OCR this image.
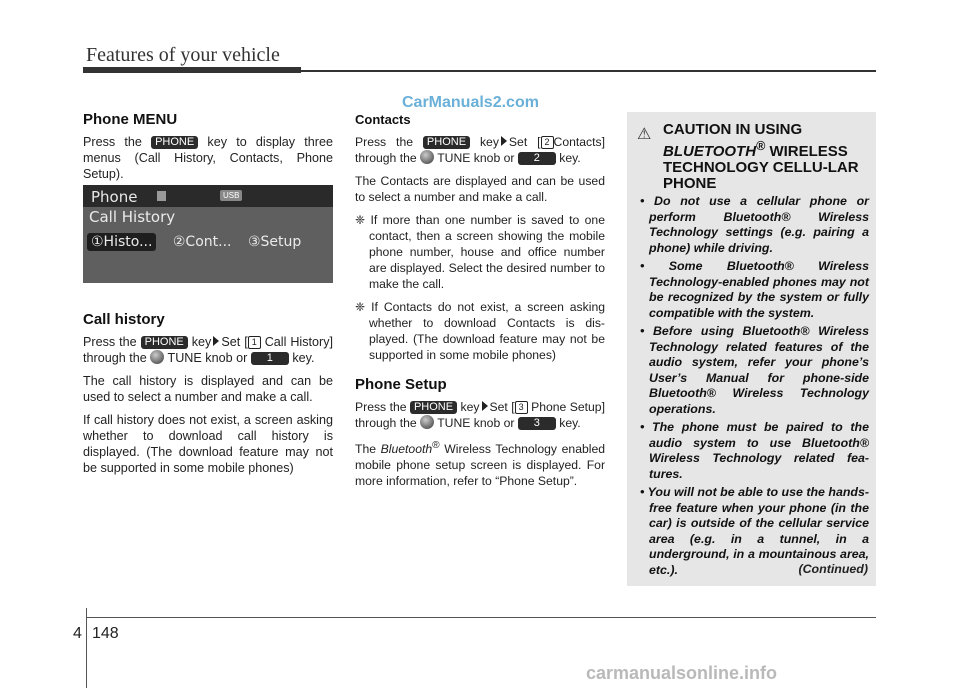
Features of your vehicle
CarManuals2.com
Phone MENU

Press the PHONE key to display three menus (Call History, Contacts, Phone Setup).

Phone	USB
Call History
①Histo... ②Cont... ③Setup
Call history

Press the PHONE key Set [ 1 Call History] through the TUNE knob or 1 key.

The call history is displayed and can be used to select a number and make a call.

If call history does not exist, a screen asking whether to download call history is displayed. (The download feature may not be supported in some mobile phones)

Contacts

Press the PHONE key Set [ 2 Contacts] through the TUNE knob or 2 key.

The Contacts are displayed and can be used to select a number and make a call.

❈ If more than one number is saved to one contact, then a screen showing the mobile phone number, house and office number are displayed. Select the desired number to make the call.

❈ If Contacts do not exist, a screen asking whether to download Contacts is dis-played. (The download feature may not be supported in some mobile phones)

Phone Setup

Press the PHONE key Set [ 3 Phone Setup] through the TUNE knob or 3 key.

The Bluetooth® Wireless Technology enabled mobile phone setup screen is displayed. For more information, refer to “Phone Setup”.

⚠ CAUTION IN USING
BLUETOOTH® WIRELESS TECHNOLOGY CELLU-LAR PHONE
• Do not use a cellular phone or perform Bluetooth® Wireless Technology settings (e.g. pairing a phone) while driving.
• Some Bluetooth® Wireless Technology-enabled phones may not be recognized by the system or fully compatible with the system.
• Before using Bluetooth® Wireless Technology related features of the audio system, refer your phone’s User’s Manual for phone-side Bluetooth® Wireless Technology operations.
• The phone must be paired to the audio system to use Bluetooth® Wireless Technology related fea-tures.
• You will not be able to use the hands-free feature when your phone (in the car) is outside of the cellular service area (e.g. in a tunnel, in a underground, in a mountainous area, etc.).	(Continued)
4 148
carmanualsonline.info
